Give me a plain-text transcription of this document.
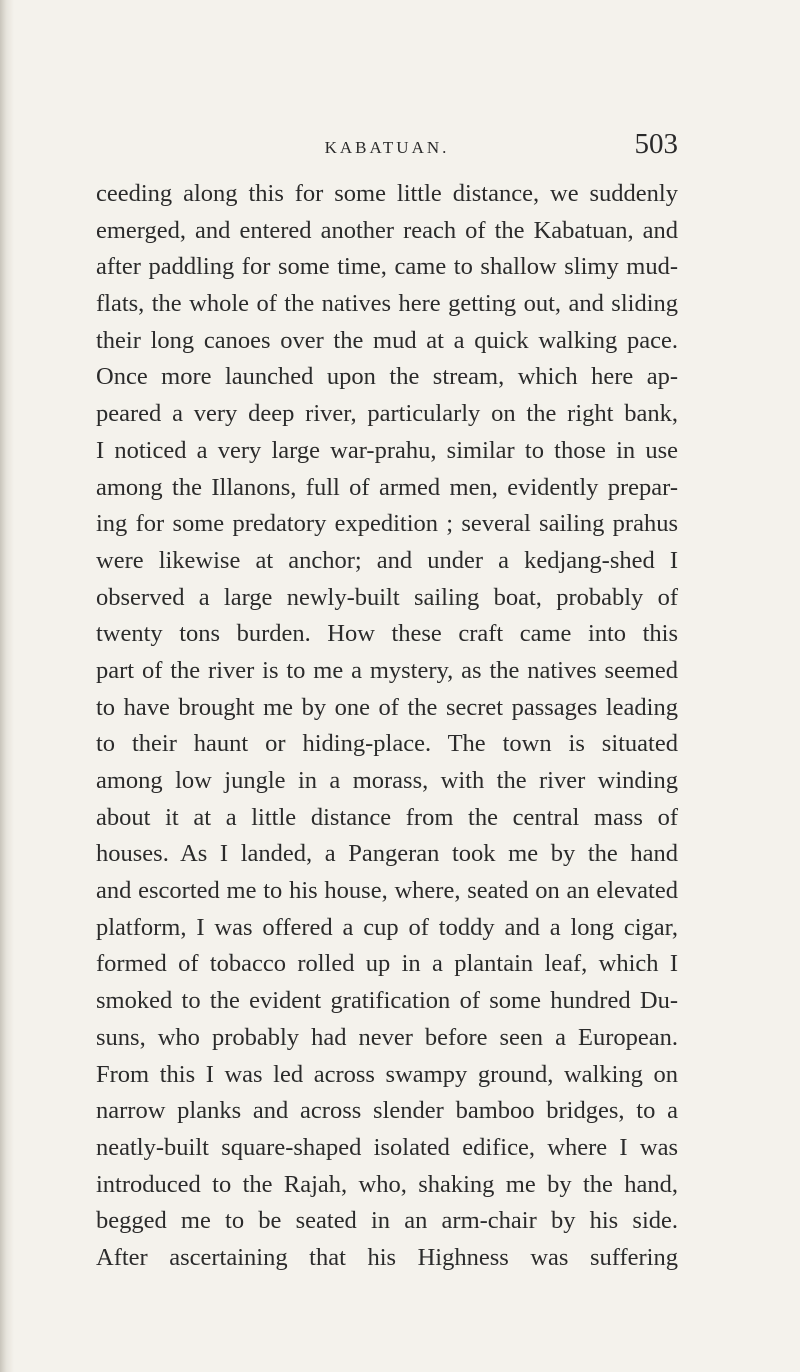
KABATUAN.	503
ceeding along this for some little distance, we suddenly
emerged, and entered another reach of the Kabatuan, and
after paddling for some time, came to shallow slimy mud-
flats, the whole of the natives here getting out, and sliding
their long canoes over the mud at a quick walking pace.
Once more launched upon the stream, which here ap-
peared a very deep river, particularly on the right bank,
I noticed a very large war-prahu, similar to those in use
among the Illanons, full of armed men, evidently prepar-
ing for some predatory expedition ; several sailing prahus
were likewise at anchor; and under a kedjang-shed I
observed a large newly-built sailing boat, probably of
twenty tons burden. How these craft came into this
part of the river is to me a mystery, as the natives seemed
to have brought me by one of the secret passages leading
to their haunt or hiding-place. The town is situated
among low jungle in a morass, with the river winding
about it at a little distance from the central mass of
houses. As I landed, a Pangeran took me by the hand
and escorted me to his house, where, seated on an elevated
platform, I was offered a cup of toddy and a long cigar,
formed of tobacco rolled up in a plantain leaf, which I
smoked to the evident gratification of some hundred Du-
suns, who probably had never before seen a European.
From this I was led across swampy ground, walking on
narrow planks and across slender bamboo bridges, to a
neatly-built square-shaped isolated edifice, where I was
introduced to the Rajah, who, shaking me by the hand,
begged me to be seated in an arm-chair by his side.
After ascertaining that his Highness was suffering
